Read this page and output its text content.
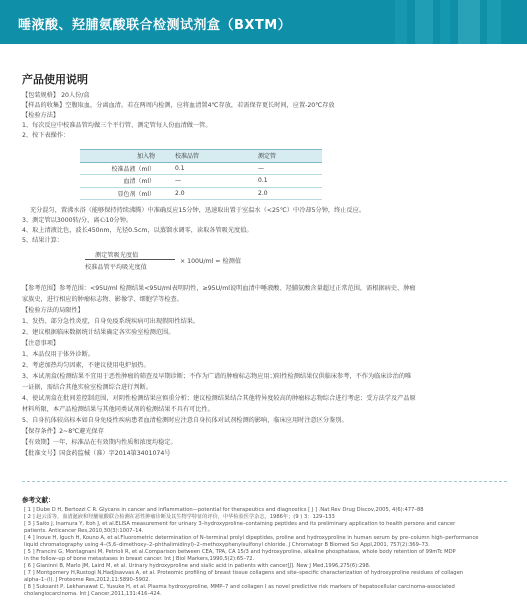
唾液酸、羟脯氨酸联合检测试剂盒（BXTM）
产品使用说明
【包装规格】 20人份/盒
【样品的收集】空腹取血，分离血清。若在两周内检测，应将血清置4℃存放，若需保存更长时间，应置-20℃存放
【检验方法】
1、每次反应中校准品管均做三个平行管，测定管每人份血清做一管。
2、按下表操作：
加入物	校准品管	测定管
校准品液（ml）	0.1	—
血清（ml）	—	0.1
显色剂（ml）	2.0	2.0
充分混匀，置沸水浴（能够保持持续沸腾）中准确反应15分钟，迅速取出置于室温水（<25℃）中冷却5分钟，终止反应。
3、测定管以3000转/分，离心10分钟。
4、取上清液比色，波长450nm，光径0.5cm，以蒸馏水调零，读取各管吸光度值。
5、结果计算：
测定管吸光度值
校准品管平均吸光度值
× 100U/ml = 检测值
【参考范围】参考范围：<95U/ml 检测结果<95U/ml表明阴性，≥95U/ml说明血清中唾液酸、羟脯氨酸含量超过正常范围，需根据病史、肿瘤
家族史，进行相应的肿瘤标志物、影像学、细胞学等检查。
【检验方法的局限性】
1、发热、部分急性炎症，自身免疫系统疾病可出现假阳性结果。
2、建议根据临床数据统计结果确定各实验室检测范围。
【注意事项】
1、本品仅用于体外诊断。
2、考虑加热均匀因素，不建议使用电炉加热。
3、本试剂盒(检测结果不宜用于恶性肿瘤的筛查及早期诊断；不作为广谱的肿瘤标志物应用；)阳性检测结果仅供临床参考，不作为临床诊治的唯
一证据，需结合其他实验室检测综合进行判断。
4、使试剂盒在批间差控制范围，对阴性检测结果应慎重分析；建议检测结果结合其他特异度较高的肿瘤标志物综合进行考虑；受方法学及产品原
材料所限，本产品检测结果与其他同类试剂的检测结果不具有可比性。
5、自身抗体较高标本如自身免疫性疾病患者血清检测时应注意自身抗体对试剂检测的影响，临床应用时注意区分鉴别。
【保存条件】2~8℃避光保存
【有效期】一年，标准品在有效期内性质和浓度均稳定。
【批准文号】国食药监械（准）字2014第3401074号
参考文献：
[ 1 ] Dube D H, Bertozzi C R. Glycans in cancer and inflammation—potential for therapeutics and diagnostics [ J ] .Nat Rev Drug Discov,2005, 4(6):477–88
[ 2 ] 赵云雷等，血清涎液和羟脯氨酸联合检测在恶性肿瘤诊断及其生物学特征的评价，中华检验医学杂志，1986年；(9 ) 3：129–133
[ 3 ] Saito J, Inamura Y, Itoh J, et al.ELISA measurement for urinary 3–hydroxyproline–containing peptides and its preliminary application to health persons and cancer
patients. Anticancer Res,2010,30(3):1007–14.
[ 4 ] Inoue H, Iguch H, Kouno A, et al.Fluorometric determination of N–terminal prolyl dipeptides, proline and hydroxyproline in human serum by pre–column high–performance
liquid chromatography using 4–(5,6–dimethoxy–2–phthalimidinyl)–2–methoxyphenylsulfonyl chloride. J Chromatogr B Biomed Sci Appl,2001, 757(2):369–73.
[ 5 ] Francini G, Montagnani M, Petrioli R, et al.Comparison between CEA, TPA, CA 15/3 and hydroxyproline, alkaline phosphatase, whole body retention of 99mTc MDP
in the follow–up of bone metastases in breast cancer. Int J Biol Markers,1990,5(2):65–72.
[ 6 ] Gianinni B, Marlo JM, Laird M, et al. Urinary hydroxyproline and sialic acid in patients with cancer[J]. New J Med,1996,275(6):298.
[ 7 ] Montgomery H,Rustogi N,Hadjisavvas A, et al. Proteomic profiling of breast tissue collagens and site–specific characterization of hydroxyproline residues of collagen
alpha–1–(I). J Proteome Res,2012,11:5890–5902.
[ 8 ] Suksanit P, Lekhanawat C, Yusuke H, et al. Plasma hydroxyproline, MMP–7 and collagen I as novel predictive risk markers of hepatocellular carcinoma-associated
cholangiocarcinoma. Int J Cancer,2011,131:416–424.
